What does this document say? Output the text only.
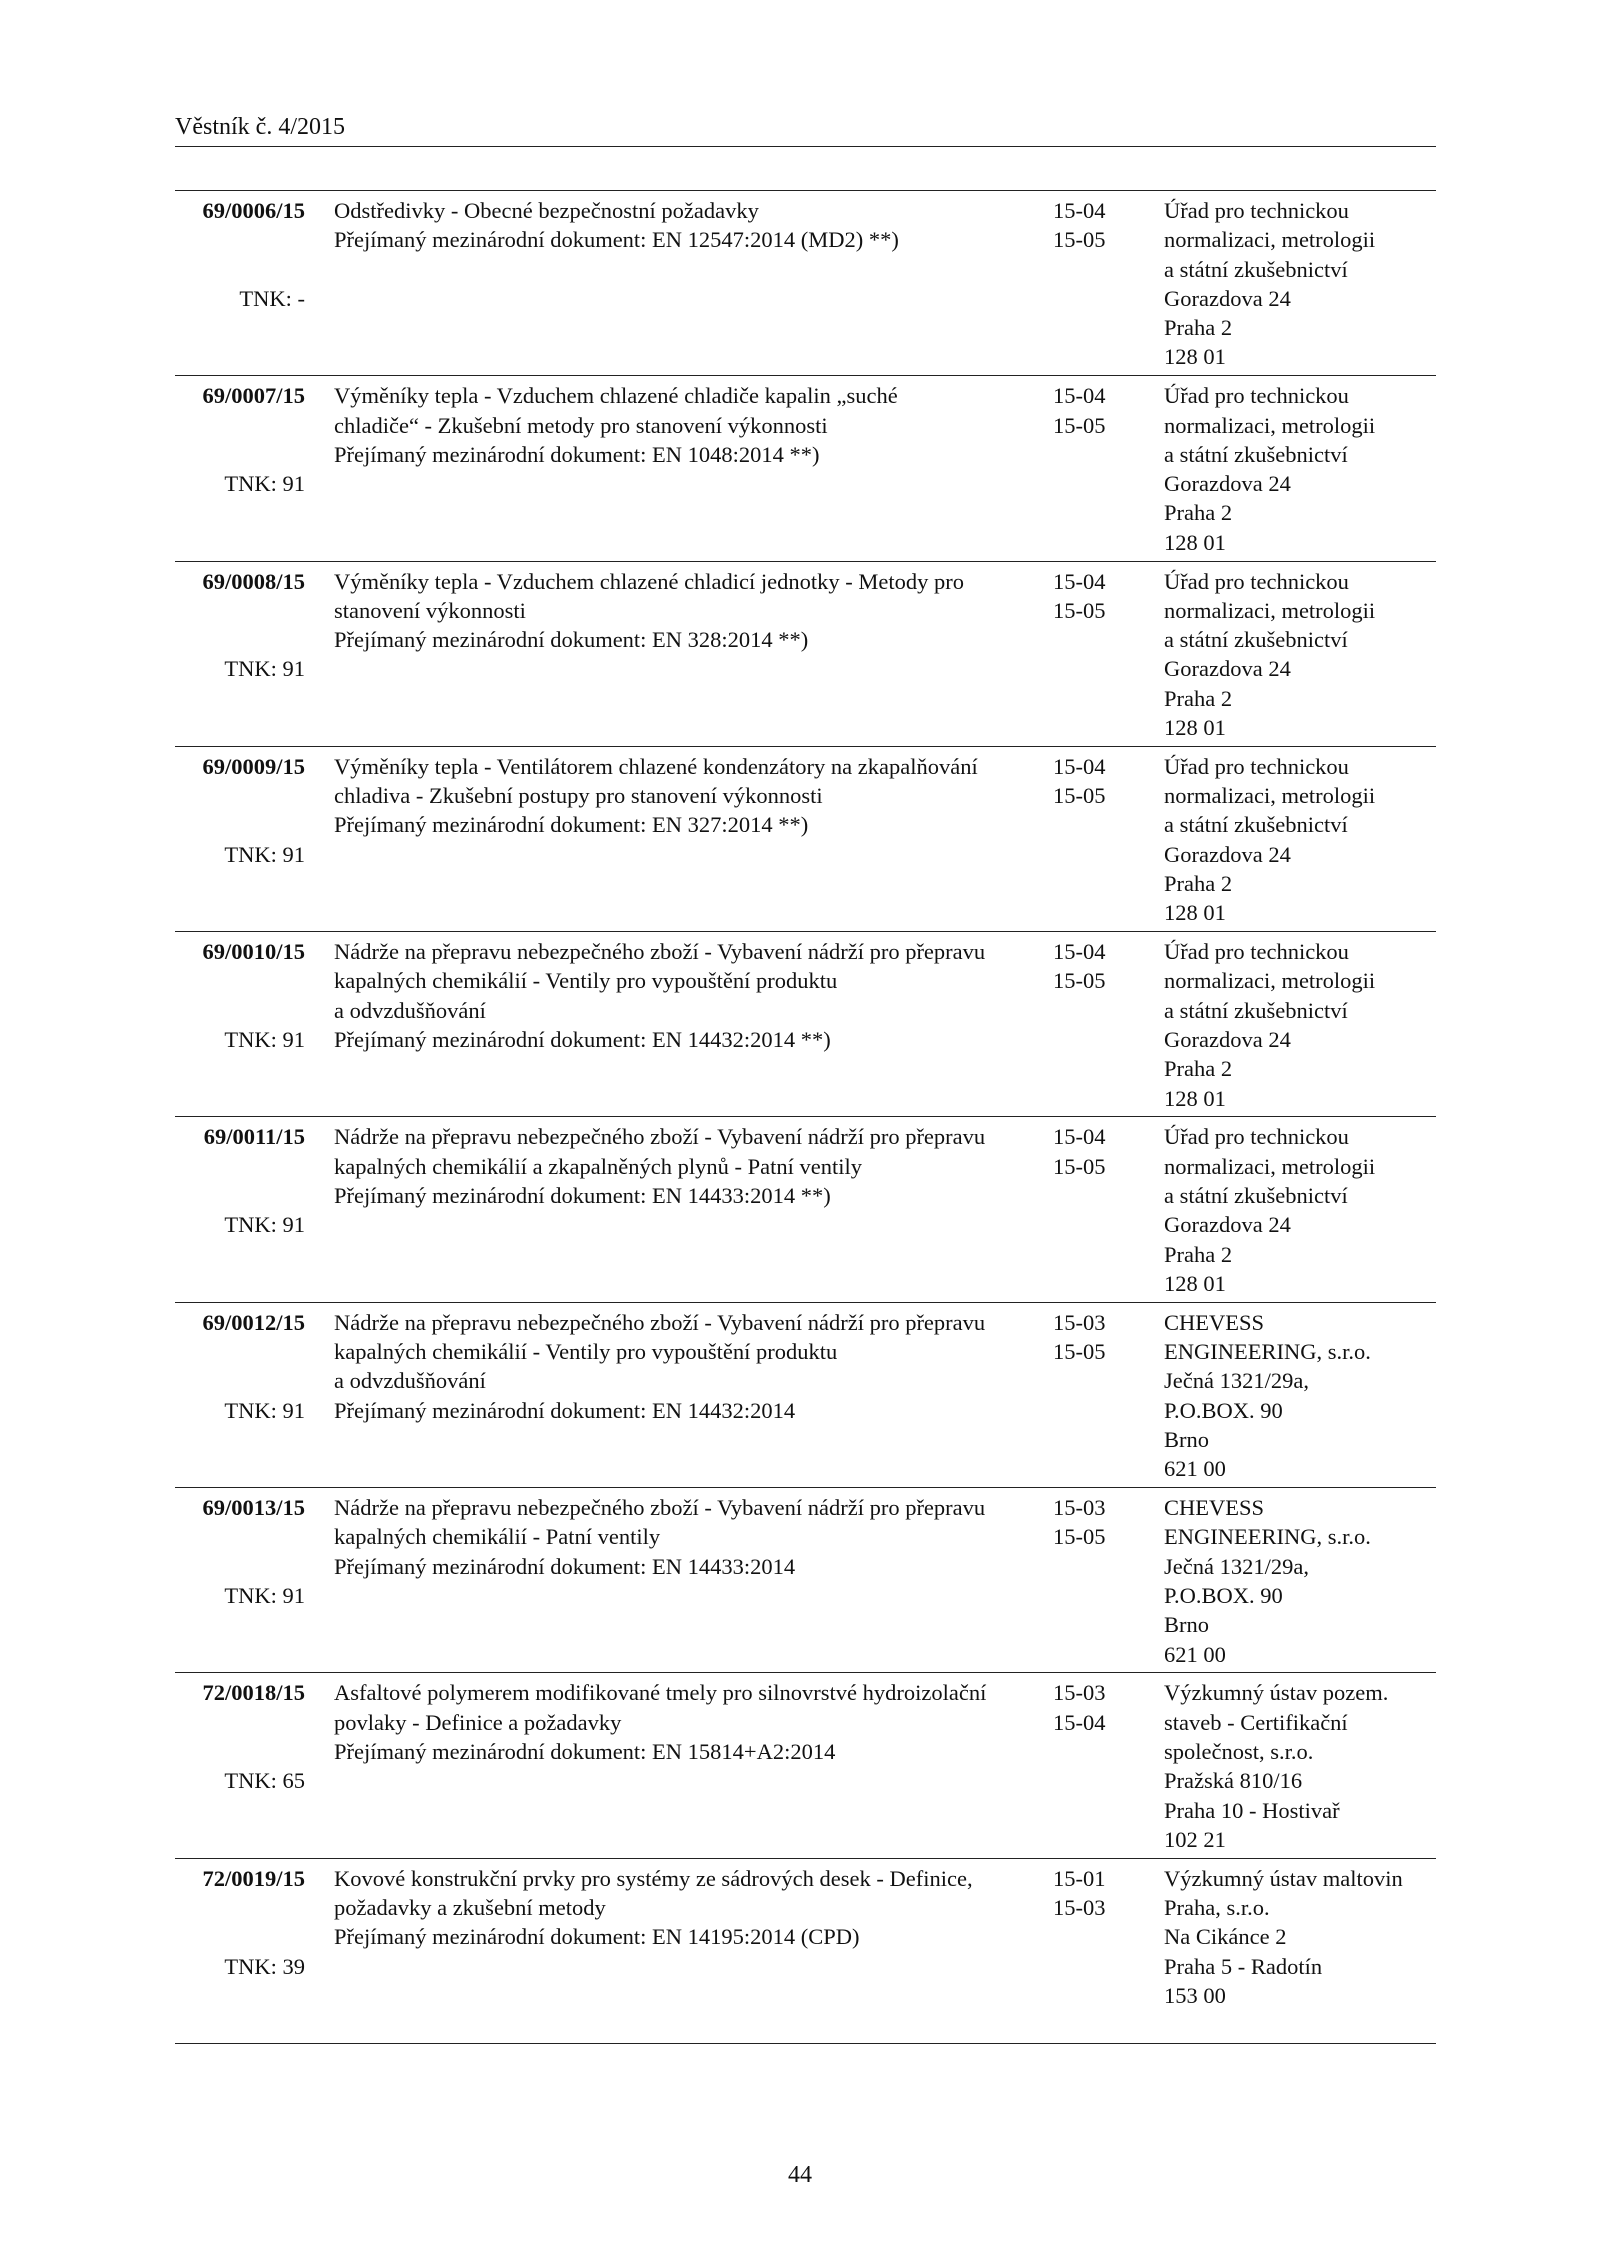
Věstník č. 4/2015
69/0006/15
TNK: -
Odstředivky - Obecné bezpečnostní požadavky
Přejímaný mezinárodní dokument: EN 12547:2014 (MD2) **)
15-04
15-05
Úřad pro technickou
normalizaci, metrologii
a státní zkušebnictví
Gorazdova 24
Praha 2
128 01
69/0007/15
TNK: 91
Výměníky tepla - Vzduchem chlazené chladiče kapalin „suché
chladiče“ - Zkušební metody pro stanovení výkonnosti
Přejímaný mezinárodní dokument: EN 1048:2014 **)
15-04
15-05
Úřad pro technickou
normalizaci, metrologii
a státní zkušebnictví
Gorazdova 24
Praha 2
128 01
69/0008/15
TNK: 91
Výměníky tepla - Vzduchem chlazené chladicí jednotky - Metody pro
stanovení výkonnosti
Přejímaný mezinárodní dokument: EN 328:2014 **)
15-04
15-05
Úřad pro technickou
normalizaci, metrologii
a státní zkušebnictví
Gorazdova 24
Praha 2
128 01
69/0009/15
TNK: 91
Výměníky tepla - Ventilátorem chlazené kondenzátory na zkapalňování
chladiva - Zkušební postupy pro stanovení výkonnosti
Přejímaný mezinárodní dokument: EN 327:2014 **)
15-04
15-05
Úřad pro technickou
normalizaci, metrologii
a státní zkušebnictví
Gorazdova 24
Praha 2
128 01
69/0010/15
TNK: 91
Nádrže na přepravu nebezpečného zboží - Vybavení nádrží pro přepravu
kapalných chemikálií - Ventily pro vypouštění produktu
a odvzdušňování
Přejímaný mezinárodní dokument: EN 14432:2014 **)
15-04
15-05
Úřad pro technickou
normalizaci, metrologii
a státní zkušebnictví
Gorazdova 24
Praha 2
128 01
69/0011/15
TNK: 91
Nádrže na přepravu nebezpečného zboží - Vybavení nádrží pro přepravu
kapalných chemikálií a zkapalněných plynů - Patní ventily
Přejímaný mezinárodní dokument: EN 14433:2014 **)
15-04
15-05
Úřad pro technickou
normalizaci, metrologii
a státní zkušebnictví
Gorazdova 24
Praha 2
128 01
69/0012/15
TNK: 91
Nádrže na přepravu nebezpečného zboží - Vybavení nádrží pro přepravu
kapalných chemikálií - Ventily pro vypouštění produktu
a odvzdušňování
Přejímaný mezinárodní dokument: EN 14432:2014
15-03
15-05
CHEVESS
ENGINEERING, s.r.o.
Ječná 1321/29a,
P.O.BOX. 90
Brno
621 00
69/0013/15
TNK: 91
Nádrže na přepravu nebezpečného zboží - Vybavení nádrží pro přepravu
kapalných chemikálií - Patní ventily
Přejímaný mezinárodní dokument: EN 14433:2014
15-03
15-05
CHEVESS
ENGINEERING, s.r.o.
Ječná 1321/29a,
P.O.BOX. 90
Brno
621 00
72/0018/15
TNK: 65
Asfaltové polymerem modifikované tmely pro silnovrstvé hydroizolační
povlaky - Definice a požadavky
Přejímaný mezinárodní dokument: EN 15814+A2:2014
15-03
15-04
Výzkumný ústav pozem.
staveb - Certifikační
společnost, s.r.o.
Pražská 810/16
Praha 10 - Hostivař
102 21
72/0019/15
TNK: 39
Kovové konstrukční prvky pro systémy ze sádrových desek - Definice,
požadavky a zkušební metody
Přejímaný mezinárodní dokument: EN 14195:2014 (CPD)
15-01
15-03
Výzkumný ústav maltovin
Praha, s.r.o.
Na Cikánce 2
Praha 5 - Radotín
153 00
44
